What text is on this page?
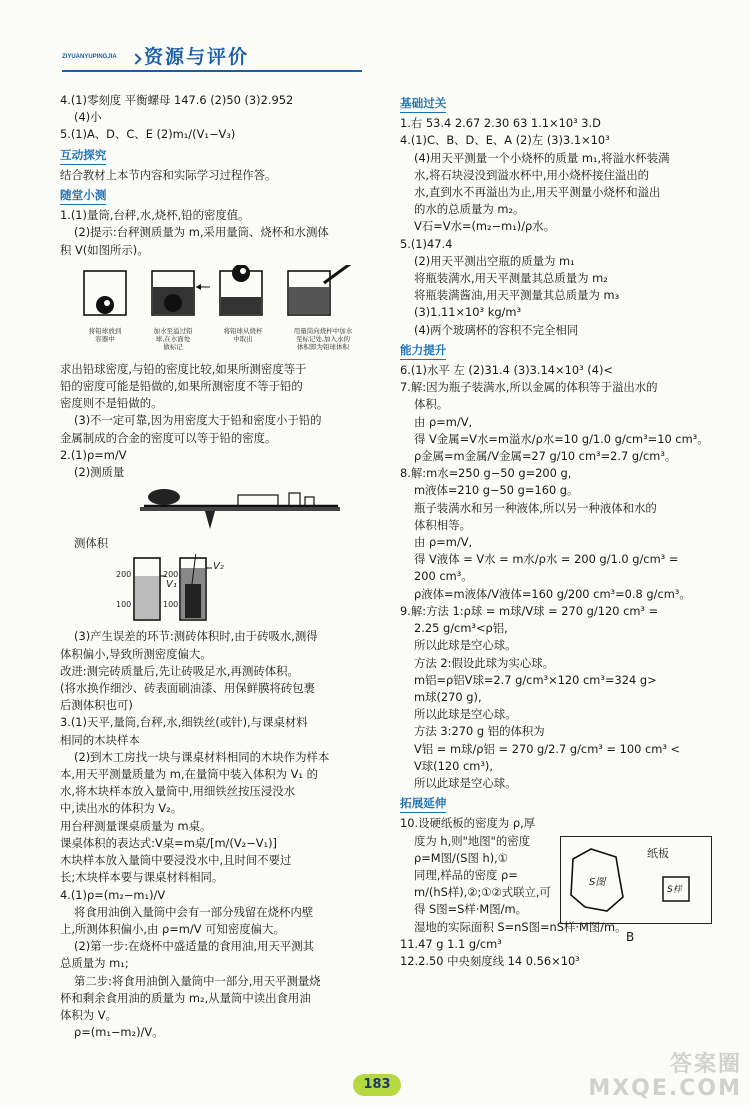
ZIYUANYUPINGJIA 资源与评价
4.(1)零刻度 平衡螺母 147.6 (2)50 (3)2.952
(4)小
5.(1)A、D、C、E (2)m₁/(V₁−V₃)
互动探究
结合教材上本节内容和实际学习过程作答。
随堂小测
1.(1)量筒,台秤,水,烧杯,铅的密度值。
(2)提示:台秤测质量为 m,采用量筒、烧杯和水测体
积 V(如图所示)。
将铅球放到
容器中
加水至溢过铅
球,在水面处
做标记
将铅球从烧杯
中取出
用量筒向烧杯中加水
至标记处,加入水的
体积即为铅球体积
求出铅球密度,与铅的密度比较,如果所测密度等于
铅的密度可能是铅做的,如果所测密度不等于铅的
密度则不是铅做的。
(3)不一定可靠,因为用密度大于铅和密度小于铅的
金属制成的合金的密度可以等于铅的密度。
2.(1)ρ=m/V
(2)测质量
测体积
200
100
200
100
V₁
V₂
(3)产生误差的环节:测砖体积时,由于砖吸水,测得
体积偏小,导致所测密度偏大。
改进:测完砖质量后,先让砖吸足水,再测砖体积。
(将水换作细沙、砖表面刷油漆、用保鲜膜将砖包裹
后测体积也可)
3.(1)天平,量筒,台秤,水,细铁丝(或针),与课桌材料
相同的木块样本
(2)到木工房找一块与课桌材料相同的木块作为样本
本,用天平测量质量为 m,在量筒中装入体积为 V₁ 的
水,将木块样本放入量筒中,用细铁丝按压浸没水
中,读出水的体积为 V₂。
用台秤测量课桌质量为 m桌。
课桌体积的表达式:V桌=m桌/[m/(V₂−V₁)]
木块样本放入量筒中要浸没水中,且时间不要过
长;木块样本要与课桌材料相同。
4.(1)ρ=(m₂−m₁)/V
将食用油倒入量筒中会有一部分残留在烧杯内壁
上,所测体积偏小,由 ρ=m/V 可知密度偏大。
(2)第一步:在烧杯中盛适量的食用油,用天平测其
总质量为 m₁;
第二步:将食用油倒入量筒中一部分,用天平测量烧
杯和剩余食用油的质量为 m₂,从量筒中读出食用油
体积为 V。
ρ=(m₁−m₂)/V。
基础过关
1.右 53.4 2.67 2.30 63 1.1×10³ 3.D
4.(1)C、B、D、E、A (2)左 (3)3.1×10³
(4)用天平测量一个小烧杯的质量 m₁,将溢水杯装满
水,将石块浸没到溢水杯中,用小烧杯接住溢出的
水,直到水不再溢出为止,用天平测量小烧杯和溢出
的水的总质量为 m₂。
V石=V水=(m₂−m₁)/ρ水。
5.(1)47.4
(2)用天平测出空瓶的质量为 m₁
将瓶装满水,用天平测量其总质量为 m₂
将瓶装满酱油,用天平测量其总质量为 m₃
(3)1.11×10³ kg/m³
(4)两个玻璃杯的容积不完全相同
能力提升
6.(1)水平 左 (2)31.4 (3)3.14×10³ (4)<
7.解:因为瓶子装满水,所以金属的体积等于溢出水的
体积。
由 ρ=m/V,
得 V金属=V水=m溢水/ρ水=10 g/1.0 g/cm³=10 cm³。
ρ金属=m金属/V金属=27 g/10 cm³=2.7 g/cm³。
8.解:m水=250 g−50 g=200 g,
m液体=210 g−50 g=160 g。
瓶子装满水和另一种液体,所以另一种液体和水的
体积相等。
由 ρ=m/V,
得 V液体 = V水 = m水/ρ水 = 200 g/1.0 g/cm³ =
200 cm³。
ρ液体=m液体/V液体=160 g/200 cm³=0.8 g/cm³。
9.解:方法 1:ρ球 = m球/V球 = 270 g/120 cm³ =
2.25 g/cm³<ρ铝,
所以此球是空心球。
方法 2:假设此球为实心球。
m铝=ρ铝V球=2.7 g/cm³×120 cm³=324 g>
m球(270 g),
所以此球是空心球。
方法 3:270 g 铝的体积为
V铝 = m球/ρ铝 = 270 g/2.7 g/cm³ = 100 cm³ <
V球(120 cm³),
所以此球是空心球。
拓展延伸
10.设硬纸板的密度为 ρ,厚
度为 h,则"地图"的密度
ρ=M图/(S图 h),①
同理,样品的密度 ρ=
m/(hS样),②;①②式联立,可
得 S图=S样·M图/m。
湿地的实际面积 S=nS图=nS样·M图/m。
11.47 g 1.1 g/cm³
12.2.50 中央刻度线 14 0.56×10³
纸板
S图
S样
B
183
答案圈
MXQE.COM
